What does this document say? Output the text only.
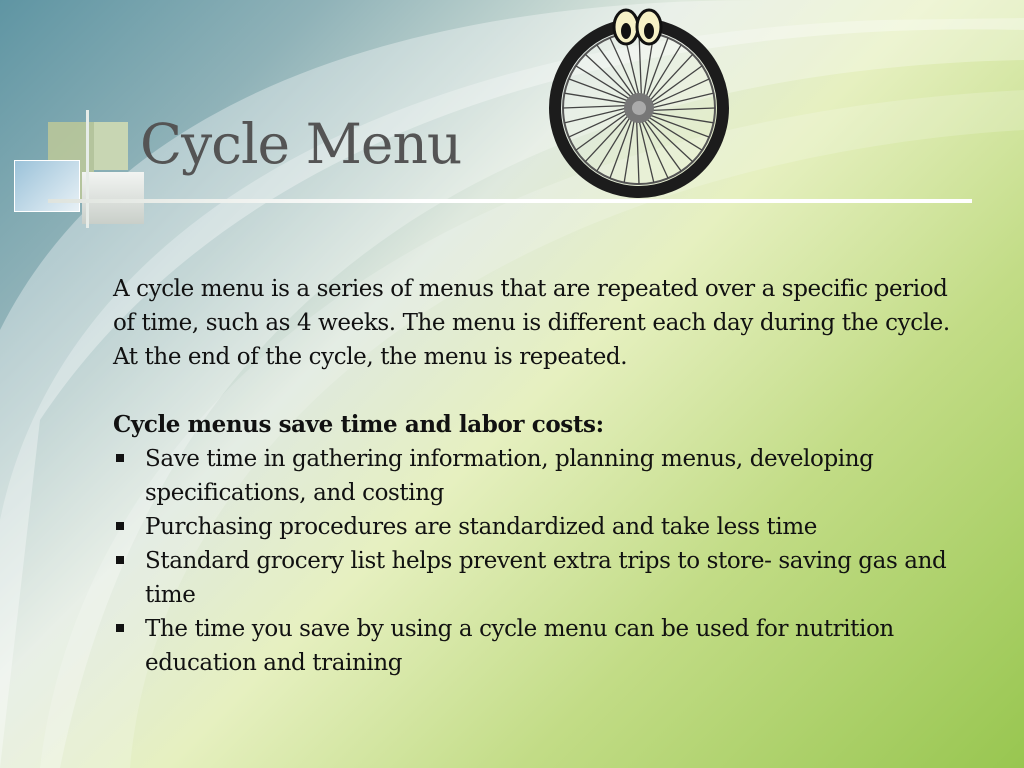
Cycle Menu

A cycle menu is a series of menus that are repeated over a specific period of time, such as 4 weeks. The menu is different each day during the cycle. At the end of the cycle, the menu is repeated.

Cycle menus save time and labor costs:

Save time in gathering information, planning menus, developing specifications, and costing
Purchasing procedures are standardized and take less time
Standard grocery list helps prevent extra trips to store- saving gas and time
The time you save by using a cycle menu can be used for nutrition education and training
